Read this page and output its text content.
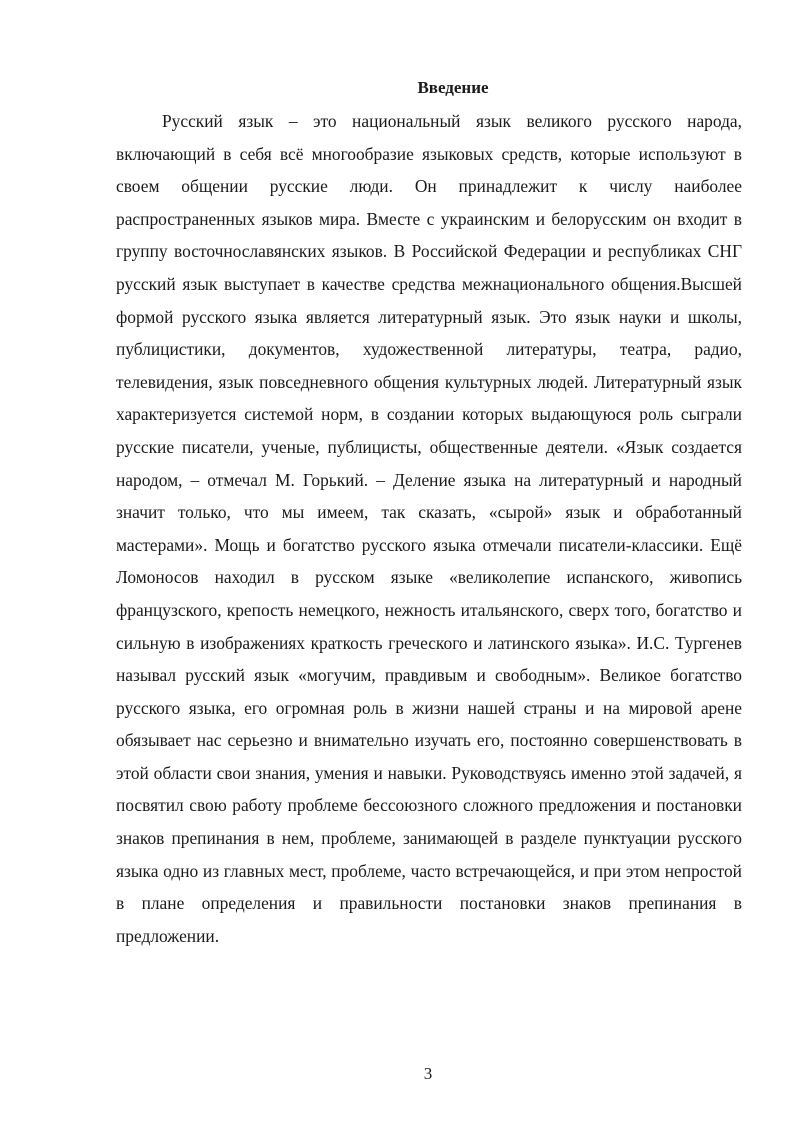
Введение

Русский язык – это национальный язык великого русского народа, включающий в себя всё многообразие языковых средств, которые используют в своем общении русские люди. Он принадлежит к числу наиболее распространенных языков мира. Вместе с украинским и белорусским он входит в группу восточнославянских языков. В Российской Федерации и республиках СНГ русский язык выступает в качестве средства межнационального общения.Высшей формой русского языка является литературный язык. Это язык науки и школы, публицистики, документов, художественной литературы, театра, радио, телевидения, язык повседневного общения культурных людей. Литературный язык характеризуется системой норм, в создании которых выдающуюся роль сыграли русские писатели, ученые, публицисты, общественные деятели. «Язык создается народом, – отмечал М. Горький. – Деление языка на литературный и народный значит только, что мы имеем, так сказать, «сырой» язык и обработанный мастерами». Мощь и богатство русского языка отмечали писатели-классики. Ещё Ломоносов находил в русском языке «великолепие испанского, живопись французского, крепость немецкого, нежность итальянского, сверх того, богатство и сильную в изображениях краткость греческого и латинского языка». И.С. Тургенев называл русский язык «могучим, правдивым и свободным». Великое богатство русского языка, его огромная роль в жизни нашей страны и на мировой арене обязывает нас серьезно и внимательно изучать его, постоянно совершенствовать в этой области свои знания, умения и навыки. Руководствуясь именно этой задачей, я посвятил свою работу проблеме бессоюзного сложного предложения и постановки знаков препинания в нем, проблеме, занимающей в разделе пунктуации русского языка одно из главных мест, проблеме, часто встречающейся, и при этом непростой в плане определения и правильности постановки знаков препинания в предложении.

3
